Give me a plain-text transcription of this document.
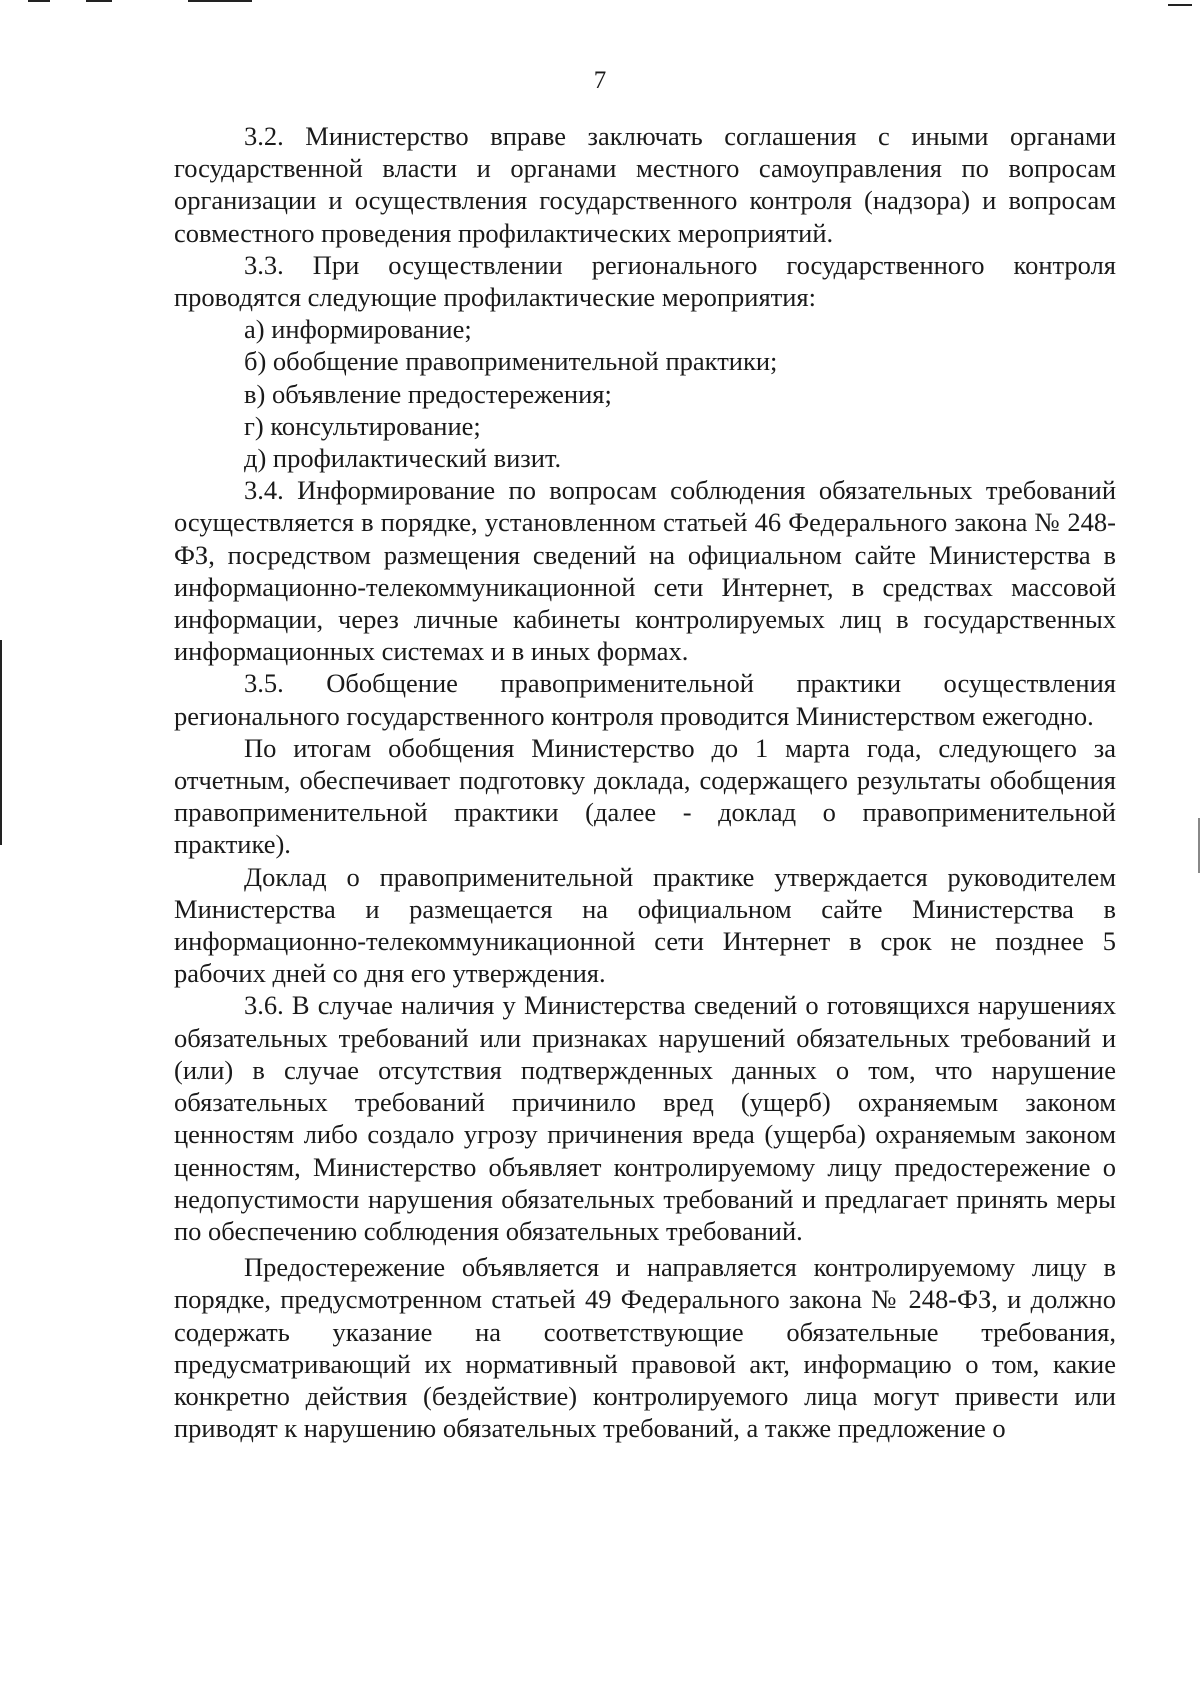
7

3.2. Министерство вправе заключать соглашения с иными органами государственной власти и органами местного самоуправления по вопросам организации и осуществления государственного контроля (надзора) и вопросам совместного проведения профилактических мероприятий.

3.3. При осуществлении регионального государственного контроля проводятся следующие профилактические мероприятия:

а) информирование;

б) обобщение правоприменительной практики;

в) объявление предостережения;

г) консультирование;

д) профилактический визит.

3.4. Информирование по вопросам соблюдения обязательных требований осуществляется в порядке, установленном статьей 46 Федерального закона № 248-ФЗ, посредством размещения сведений на официальном сайте Министерства в информационно-телекоммуникационной сети Интернет, в средствах массовой информации, через личные кабинеты контролируемых лиц в государственных информационных системах и в иных формах.

3.5. Обобщение правоприменительной практики осуществления регионального государственного контроля проводится Министерством ежегодно.

По итогам обобщения Министерство до 1 марта года, следующего за отчетным, обеспечивает подготовку доклада, содержащего результаты обобщения правоприменительной практики (далее - доклад о правоприменительной практике).

Доклад о правоприменительной практике утверждается руководителем Министерства и размещается на официальном сайте Министерства в информационно-телекоммуникационной сети Интернет в срок не позднее 5 рабочих дней со дня его утверждения.

3.6. В случае наличия у Министерства сведений о готовящихся нарушениях обязательных требований или признаках нарушений обязательных требований и (или) в случае отсутствия подтвержденных данных о том, что нарушение обязательных требований причинило вред (ущерб) охраняемым законом ценностям либо создало угрозу причинения вреда (ущерба) охраняемым законом ценностям, Министерство объявляет контролируемому лицу предостережение о недопустимости нарушения обязательных требований и предлагает принять меры по обеспечению соблюдения обязательных требований.

Предостережение объявляется и направляется контролируемому лицу в порядке, предусмотренном статьей 49 Федерального закона № 248-ФЗ, и должно содержать указание на соответствующие обязательные требования, предусматривающий их нормативный правовой акт, информацию о том, какие конкретно действия (бездействие) контролируемого лица могут привести или приводят к нарушению обязательных требований, а также предложение о
